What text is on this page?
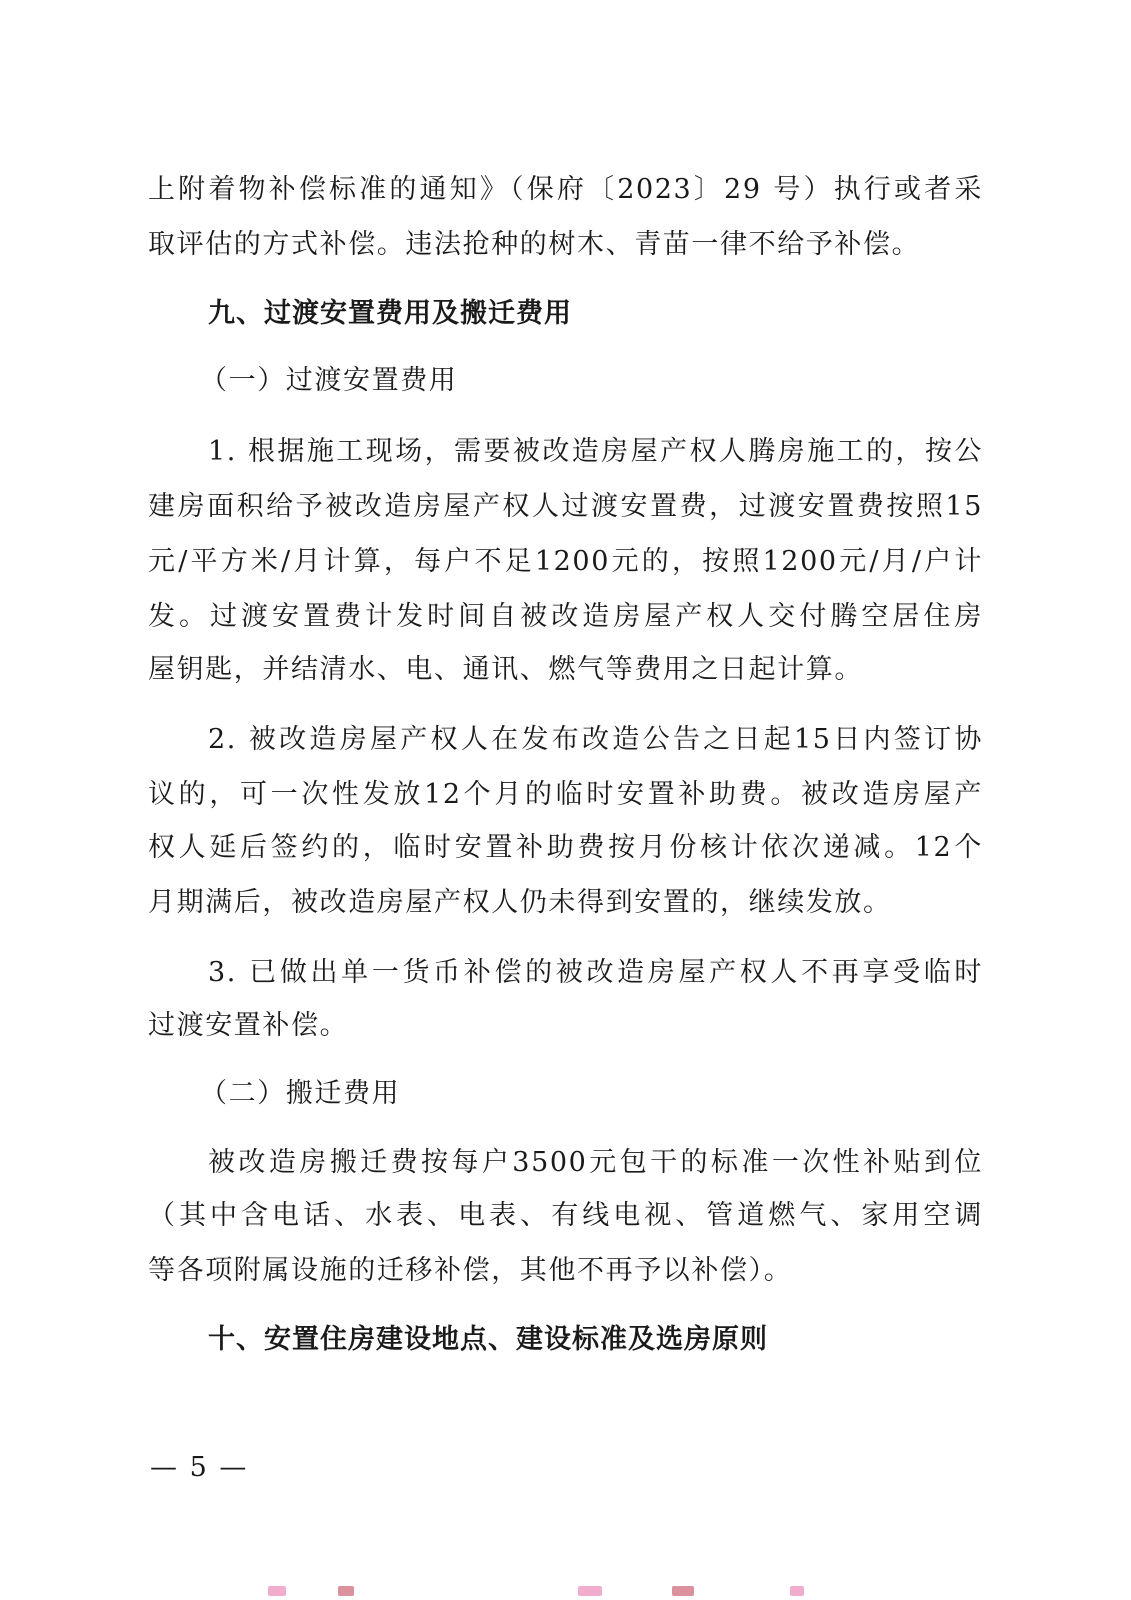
上附着物补偿标准的通知》（保府〔2023〕29 号）执行或者采
取评估的方式补偿。违法抢种的树木、青苗一律不给予补偿。
九、过渡安置费用及搬迁费用
（一）过渡安置费用
1. 根据施工现场，需要被改造房屋产权人腾房施工的，按公
建房面积给予被改造房屋产权人过渡安置费，过渡安置费按照15
元/平方米/月计算，每户不足1200元的，按照1200元/月/户计
发。过渡安置费计发时间自被改造房屋产权人交付腾空居住房
屋钥匙，并结清水、电、通讯、燃气等费用之日起计算。
2. 被改造房屋产权人在发布改造公告之日起15日内签订协
议的，可一次性发放12个月的临时安置补助费。被改造房屋产
权人延后签约的，临时安置补助费按月份核计依次递减。12个
月期满后，被改造房屋产权人仍未得到安置的，继续发放。
3. 已做出单一货币补偿的被改造房屋产权人不再享受临时
过渡安置补偿。
（二）搬迁费用
被改造房搬迁费按每户3500元包干的标准一次性补贴到位
（其中含电话、水表、电表、有线电视、管道燃气、家用空调
等各项附属设施的迁移补偿，其他不再予以补偿）。
十、安置住房建设地点、建设标准及选房原则
— 5 —
